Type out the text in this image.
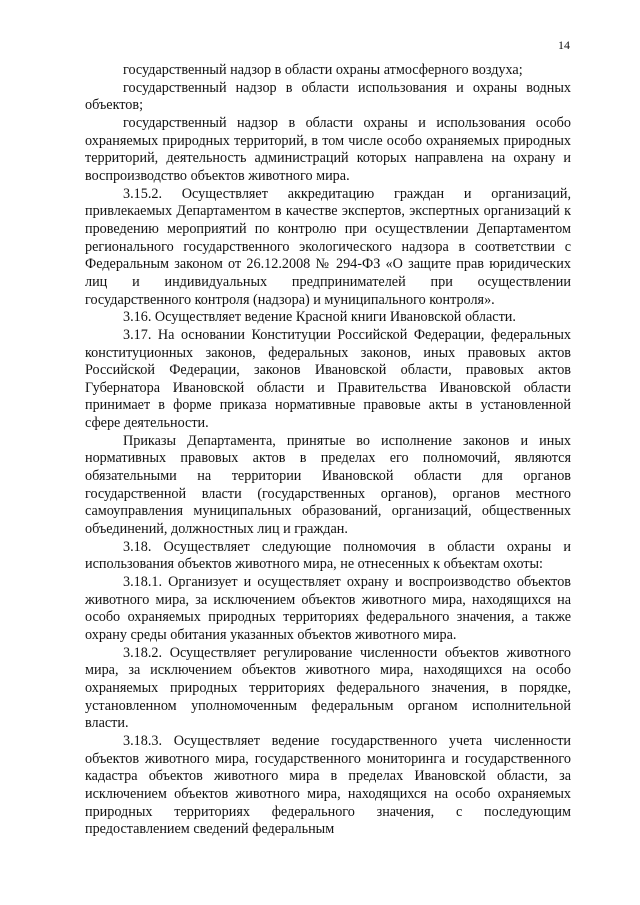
14

государственный надзор в области охраны атмосферного воздуха;

государственный надзор в области использования и охраны водных объектов;

государственный надзор в области охраны и использования особо охраняемых природных территорий, в том числе особо охраняемых природных территорий, деятельность администраций которых направлена на охрану и воспроизводство объектов животного мира.

3.15.2. Осуществляет аккредитацию граждан и организаций, привлекаемых Департаментом в качестве экспертов, экспертных организаций к проведению мероприятий по контролю при осуществлении Департаментом регионального государственного экологического надзора в соответствии с Федеральным законом от 26.12.2008 № 294-ФЗ «О защите прав юридических лиц и индивидуальных предпринимателей при осуществлении государственного контроля (надзора) и муниципального контроля».

3.16. Осуществляет ведение Красной книги Ивановской области.

3.17. На основании Конституции Российской Федерации, федеральных конституционных законов, федеральных законов, иных правовых актов Российской Федерации, законов Ивановской области, правовых актов Губернатора Ивановской области и Правительства Ивановской области принимает в форме приказа нормативные правовые акты в установленной сфере деятельности.

Приказы Департамента, принятые во исполнение законов и иных нормативных правовых актов в пределах его полномочий, являются обязательными на территории Ивановской области для органов государственной власти (государственных органов), органов местного самоуправления муниципальных образований, организаций, общественных объединений, должностных лиц и граждан.

3.18. Осуществляет следующие полномочия в области охраны и использования объектов животного мира, не отнесенных к объектам охоты:

3.18.1. Организует и осуществляет охрану и воспроизводство объектов животного мира, за исключением объектов животного мира, находящихся на особо охраняемых природных территориях федерального значения, а также охрану среды обитания указанных объектов животного мира.

3.18.2. Осуществляет регулирование численности объектов животного мира, за исключением объектов животного мира, находящихся на особо охраняемых природных территориях федерального значения, в порядке, установленном уполномоченным федеральным органом исполнительной власти.

3.18.3. Осуществляет ведение государственного учета численности объектов животного мира, государственного мониторинга и государственного кадастра объектов животного мира в пределах Ивановской области, за исключением объектов животного мира, находящихся на особо охраняемых природных территориях федерального значения, с последующим предоставлением сведений федеральным
